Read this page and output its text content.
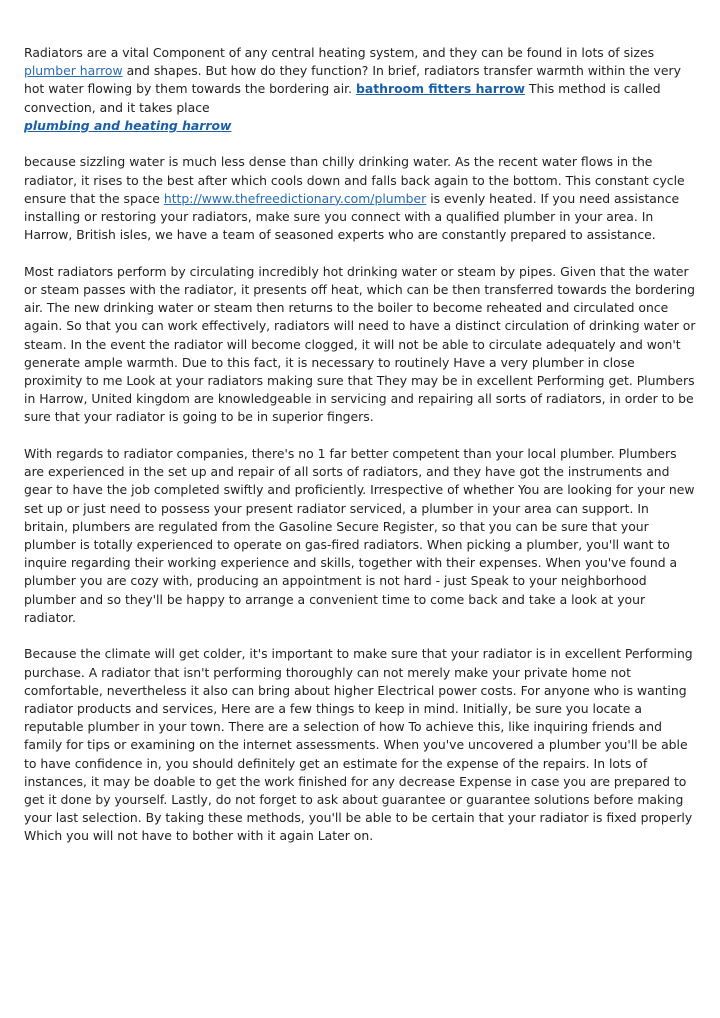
Radiators are a vital Component of any central heating system, and they can be found in lots of sizes plumber harrow and shapes. But how do they function? In brief, radiators transfer warmth within the very hot water flowing by them towards the bordering air. bathroom fitters harrow This method is called convection, and it takes place
plumbing and heating harrow

because sizzling water is much less dense than chilly drinking water. As the recent water flows in the radiator, it rises to the best after which cools down and falls back again to the bottom. This constant cycle ensure that the space http://www.thefreedictionary.com/plumber is evenly heated. If you need assistance installing or restoring your radiators, make sure you connect with a qualified plumber in your area. In Harrow, British isles, we have a team of seasoned experts who are constantly prepared to assistance.

Most radiators perform by circulating incredibly hot drinking water or steam by pipes. Given that the water or steam passes with the radiator, it presents off heat, which can be then transferred towards the bordering air. The new drinking water or steam then returns to the boiler to become reheated and circulated once again. So that you can work effectively, radiators will need to have a distinct circulation of drinking water or steam. In the event the radiator will become clogged, it will not be able to circulate adequately and won't generate ample warmth. Due to this fact, it is necessary to routinely Have a very plumber in close proximity to me Look at your radiators making sure that They may be in excellent Performing get. Plumbers in Harrow, United kingdom are knowledgeable in servicing and repairing all sorts of radiators, in order to be sure that your radiator is going to be in superior fingers.

With regards to radiator companies, there's no 1 far better competent than your local plumber. Plumbers are experienced in the set up and repair of all sorts of radiators, and they have got the instruments and gear to have the job completed swiftly and proficiently. Irrespective of whether You are looking for your new set up or just need to possess your present radiator serviced, a plumber in your area can support. In britain, plumbers are regulated from the Gasoline Secure Register, so that you can be sure that your plumber is totally experienced to operate on gas-fired radiators. When picking a plumber, you'll want to inquire regarding their working experience and skills, together with their expenses. When you've found a plumber you are cozy with, producing an appointment is not hard - just Speak to your neighborhood plumber and so they'll be happy to arrange a convenient time to come back and take a look at your radiator.

Because the climate will get colder, it's important to make sure that your radiator is in excellent Performing purchase. A radiator that isn't performing thoroughly can not merely make your private home not comfortable, nevertheless it also can bring about higher Electrical power costs. For anyone who is wanting radiator products and services, Here are a few things to keep in mind. Initially, be sure you locate a reputable plumber in your town. There are a selection of how To achieve this, like inquiring friends and family for tips or examining on the internet assessments. When you've uncovered a plumber you'll be able to have confidence in, you should definitely get an estimate for the expense of the repairs. In lots of instances, it may be doable to get the work finished for any decrease Expense in case you are prepared to get it done by yourself. Lastly, do not forget to ask about guarantee or guarantee solutions before making your last selection. By taking these methods, you'll be able to be certain that your radiator is fixed properly Which you will not have to bother with it again Later on.
